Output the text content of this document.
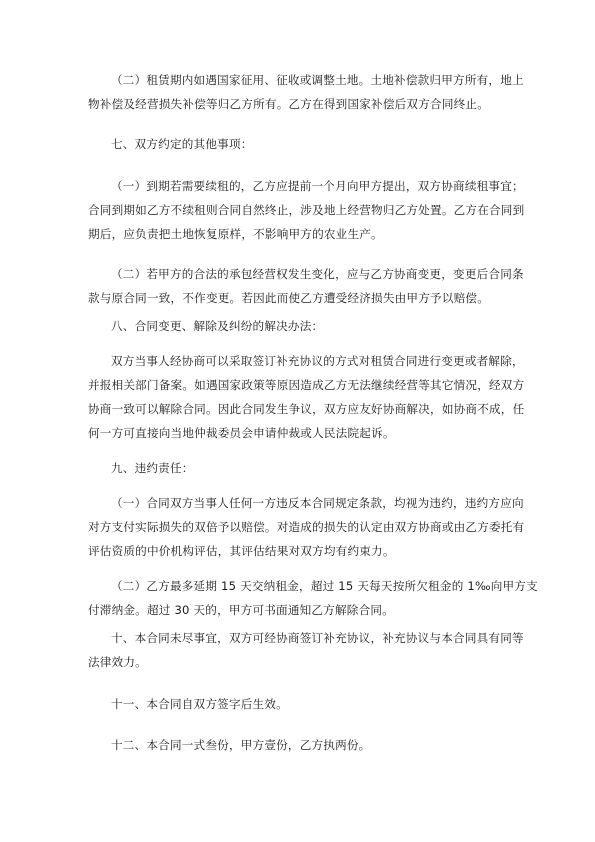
（二）租赁期内如遇国家征用、征收或调整土地。土地补偿款归甲方所有，地上
物补偿及经营损失补偿等归乙方所有。乙方在得到国家补偿后双方合同终止。

七、双方约定的其他事项：

（一）到期若需要续租的，乙方应提前一个月向甲方提出，双方协商续租事宜；
合同到期如乙方不续租则合同自然终止，涉及地上经营物归乙方处置。乙方在合同到
期后，应负责把土地恢复原样，不影响甲方的农业生产。

（二）若甲方的合法的承包经营权发生变化，应与乙方协商变更，变更后合同条
款与原合同一致，不作变更。若因此而使乙方遭受经济损失由甲方予以赔偿。

八、合同变更、解除及纠纷的解决办法：

双方当事人经协商可以采取签订补充协议的方式对租赁合同进行变更或者解除，
并报相关部门备案。如遇国家政策等原因造成乙方无法继续经营等其它情况，经双方
协商一致可以解除合同。因此合同发生争议，双方应友好协商解决，如协商不成，任
何一方可直接向当地仲裁委员会申请仲裁或人民法院起诉。

九、违约责任：

（一）合同双方当事人任何一方违反本合同规定条款，均视为违约，违约方应向
对方支付实际损失的双倍予以赔偿。对造成的损失的认定由双方协商或由乙方委托有
评估资质的中价机构评估，其评估结果对双方均有约束力。

（二）乙方最多延期 15 天交纳租金，超过 15 天每天按所欠租金的 1‰向甲方支
付滞纳金。超过 30 天的，甲方可书面通知乙方解除合同。

十、本合同未尽事宜，双方可经协商签订补充协议，补充协议与本合同具有同等
法律效力。

十一、本合同自双方签字后生效。

十二、本合同一式叁份，甲方壹份，乙方执两份。
